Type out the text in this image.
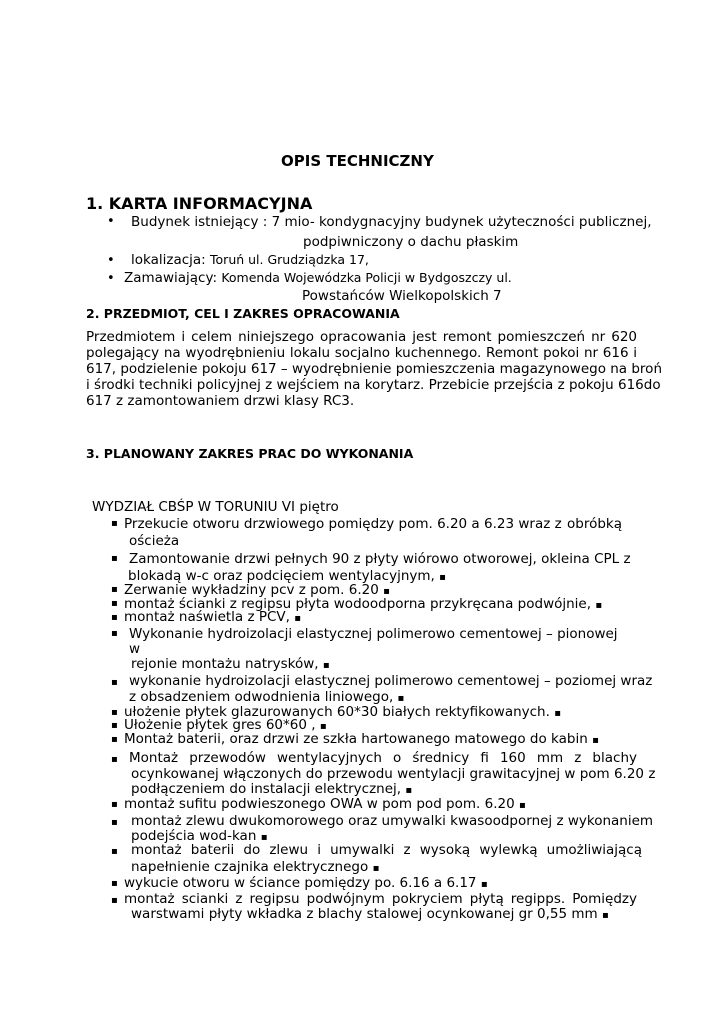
OPIS TECHNICZNY
1. KARTA INFORMACYJNA
• Budynek istniejący : 7 mio- kondygnacyjny budynek użyteczności publicznej,
podpiwniczony o dachu płaskim
• lokalizacja: Toruń ul. Grudziądzka 17,
• Zamawiający: Komenda Wojewódzka Policji w Bydgoszczy ul.
Powstańców Wielkopolskich 7
2. PRZEDMIOT, CEL I ZAKRES OPRACOWANIA
Przedmiotem i celem niniejszego opracowania jest remont pomieszczeń nr 620
polegający na wyodrębnieniu lokalu socjalno kuchennego. Remont pokoi nr 616 i
617, podzielenie pokoju 617 – wyodrębnienie pomieszczenia magazynowego na broń
i środki techniki policyjnej z wejściem na korytarz. Przebicie przejścia z pokoju 616do
617 z zamontowaniem drzwi klasy RC3.
3. PLANOWANY ZAKRES PRAC DO WYKONANIA
WYDZIAŁ CBŚP W TORUNIU VI piętro
▪ Przekucie otworu drzwiowego pomiędzy pom. 6.20 a 6.23 wraz z obróbką
ościeża
▪ Zamontowanie drzwi pełnych 90 z płyty wiórowo otworowej, okleina CPL z
blokadą w-c oraz podcięciem wentylacyjnym, ▪
▪ Zerwanie wykładziny pcv z pom. 6.20 ▪
▪ montaż ścianki z regipsu płyta wodoodporna przykręcana podwójnie, ▪
▪ montaż naświetla z PCV, ▪
▪ Wykonanie hydroizolacji elastycznej polimerowo cementowej – pionowej
w
rejonie montażu natrysków, ▪
▪ wykonanie hydroizolacji elastycznej polimerowo cementowej – poziomej wraz
z obsadzeniem odwodnienia liniowego, ▪
▪ ułożenie płytek glazurowanych 60*30 białych rektyfikowanych. ▪
▪ Ułożenie płytek gres 60*60 , ▪
▪ Montaż baterii, oraz drzwi ze szkła hartowanego matowego do kabin ▪
▪ Montaż przewodów wentylacyjnych o średnicy fi 160 mm z blachy
ocynkowanej włączonych do przewodu wentylacji grawitacyjnej w pom 6.20 z
podłączeniem do instalacji elektrycznej, ▪
▪ montaż sufitu podwieszonego OWA w pom pod pom. 6.20 ▪
▪ montaż zlewu dwukomorowego oraz umywalki kwasoodpornej z wykonaniem
podejścia wod-kan ▪
▪ montaż baterii do zlewu i umywalki z wysoką wylewką umożliwiającą
napełnienie czajnika elektrycznego ▪
▪ wykucie otworu w ściance pomiędzy po. 6.16 a 6.17 ▪
▪ montaż scianki z regipsu podwójnym pokryciem płytą regipps. Pomiędzy
warstwami płyty wkładka z blachy stalowej ocynkowanej gr 0,55 mm ▪
